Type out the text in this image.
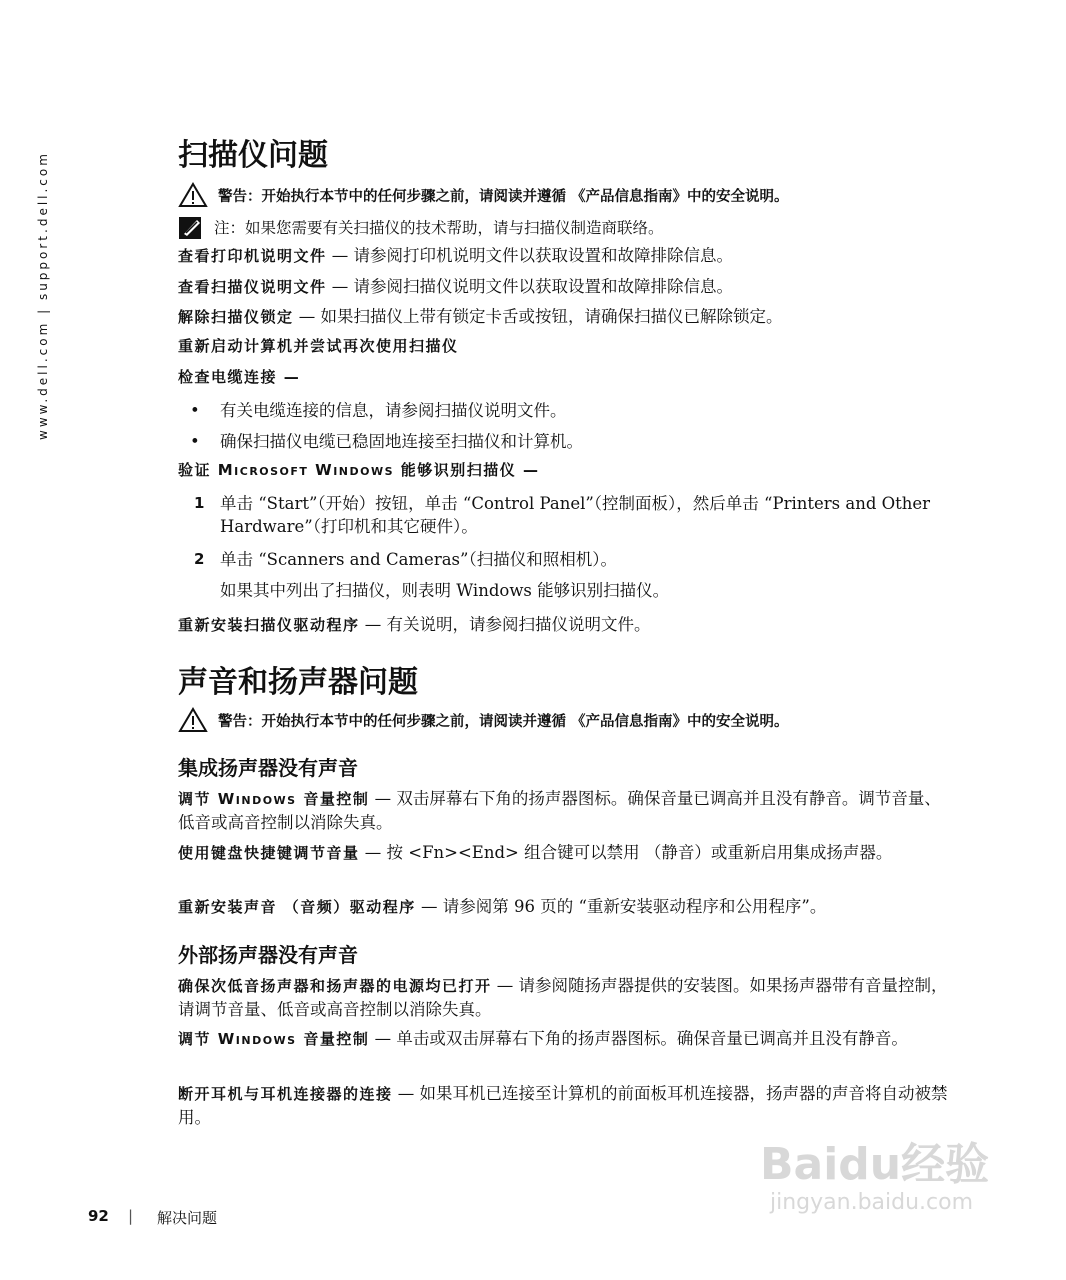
www.dell.com | support.dell.com	扫描仪问题
警告：开始执行本节中的任何步骤之前，请阅读并遵循 《产品信息指南》中的安全说明。
注：如果您需要有关扫描仪的技术帮助，请与扫描仪制造商联络。
查看打印机说明文件 — 请参阅打印机说明文件以获取设置和故障排除信息。
查看扫描仪说明文件 — 请参阅扫描仪说明文件以获取设置和故障排除信息。
解除扫描仪锁定 — 如果扫描仪上带有锁定卡舌或按钮，请确保扫描仪已解除锁定。
重新启动计算机并尝试再次使用扫描仪
检查电缆连接 —
• 有关电缆连接的信息，请参阅扫描仪说明文件。
• 确保扫描仪电缆已稳固地连接至扫描仪和计算机。
验证 Microsoft Windows 能够识别扫描仪 —
1 单击 “Start”（开始）按钮，单击 “Control Panel”（控制面板），然后单击 “Printers and Other Hardware”（打印机和其它硬件）。
2 单击 “Scanners and Cameras”（扫描仪和照相机）。
如果其中列出了扫描仪，则表明 Windows 能够识别扫描仪。
重新安装扫描仪驱动程序 — 有关说明，请参阅扫描仪说明文件。
声音和扬声器问题
警告：开始执行本节中的任何步骤之前，请阅读并遵循 《产品信息指南》中的安全说明。
集成扬声器没有声音
调节 Windows 音量控制 — 双击屏幕右下角的扬声器图标。确保音量已调高并且没有静音。调节音量、低音或高音控制以消除失真。
使用键盘快捷键调节音量 — 按 <Fn><End> 组合键可以禁用 （静音）或重新启用集成扬声器。
重新安装声音 （音频）驱动程序 — 请参阅第 96 页的 “重新安装驱动程序和公用程序”。
外部扬声器没有声音
确保次低音扬声器和扬声器的电源均已打开 — 请参阅随扬声器提供的安装图。如果扬声器带有音量控制，请调节音量、低音或高音控制以消除失真。
调节 Windows 音量控制 — 单击或双击屏幕右下角的扬声器图标。确保音量已调高并且没有静音。
断开耳机与耳机连接器的连接 — 如果耳机已连接至计算机的前面板耳机连接器，扬声器的声音将自动被禁用。
Baidu经验
jingyan.baidu.com
92 | 解决问题
